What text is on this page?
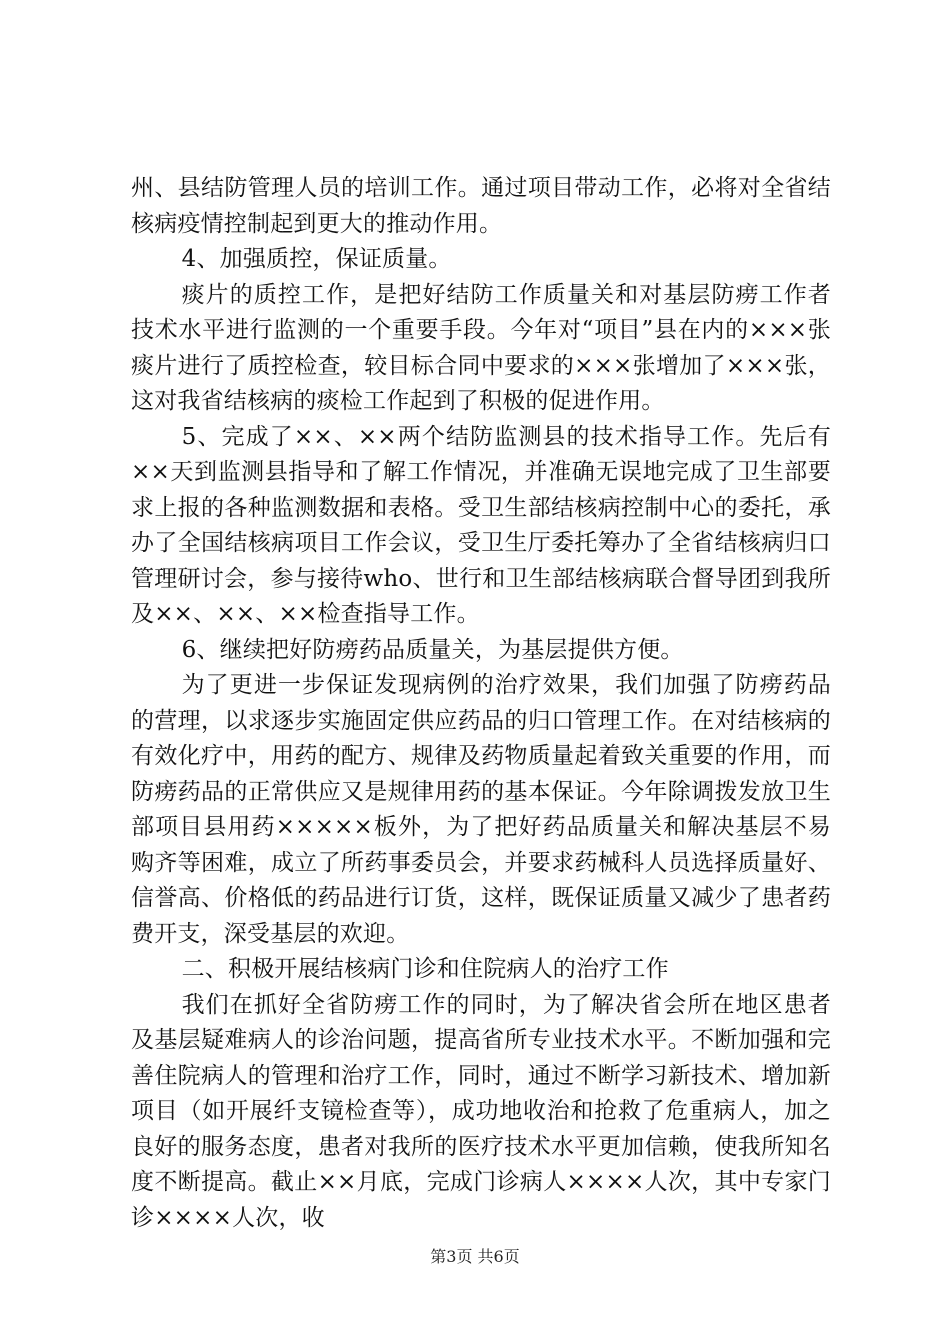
州、县结防管理人员的培训工作。通过项目带动工作，必将对全省结核病疫情控制起到更大的推动作用。

4、加强质控，保证质量。

痰片的质控工作，是把好结防工作质量关和对基层防痨工作者技术水平进行监测的一个重要手段。今年对“项目”县在内的×××张痰片进行了质控检查，较目标合同中要求的×××张增加了×××张，这对我省结核病的痰检工作起到了积极的促进作用。

5、完成了××、××两个结防监测县的技术指导工作。先后有××天到监测县指导和了解工作情况，并准确无误地完成了卫生部要求上报的各种监测数据和表格。受卫生部结核病控制中心的委托，承办了全国结核病项目工作会议，受卫生厅委托筹办了全省结核病归口管理研讨会，参与接待who、世行和卫生部结核病联合督导团到我所及××、××、××检查指导工作。

6、继续把好防痨药品质量关，为基层提供方便。

为了更进一步保证发现病例的治疗效果，我们加强了防痨药品的营理，以求逐步实施固定供应药品的归口管理工作。在对结核病的有效化疗中，用药的配方、规律及药物质量起着致关重要的作用，而防痨药品的正常供应又是规律用药的基本保证。今年除调拨发放卫生部项目县用药×××××板外，为了把好药品质量关和解决基层不易购齐等困难，成立了所药事委员会，并要求药械科人员选择质量好、信誉高、价格低的药品进行订货，这样，既保证质量又减少了患者药费开支，深受基层的欢迎。

二、积极开展结核病门诊和住院病人的治疗工作

我们在抓好全省防痨工作的同时，为了解决省会所在地区患者及基层疑难病人的诊治问题，提高省所专业技术水平。不断加强和完善住院病人的管理和治疗工作，同时，通过不断学习新技术、增加新项目（如开展纤支镜检查等），成功地收治和抢救了危重病人，加之良好的服务态度，患者对我所的医疗技术水平更加信赖，使我所知名度不断提高。截止××月底，完成门诊病人××××人次，其中专家门诊××××人次，收

第3页 共6页
